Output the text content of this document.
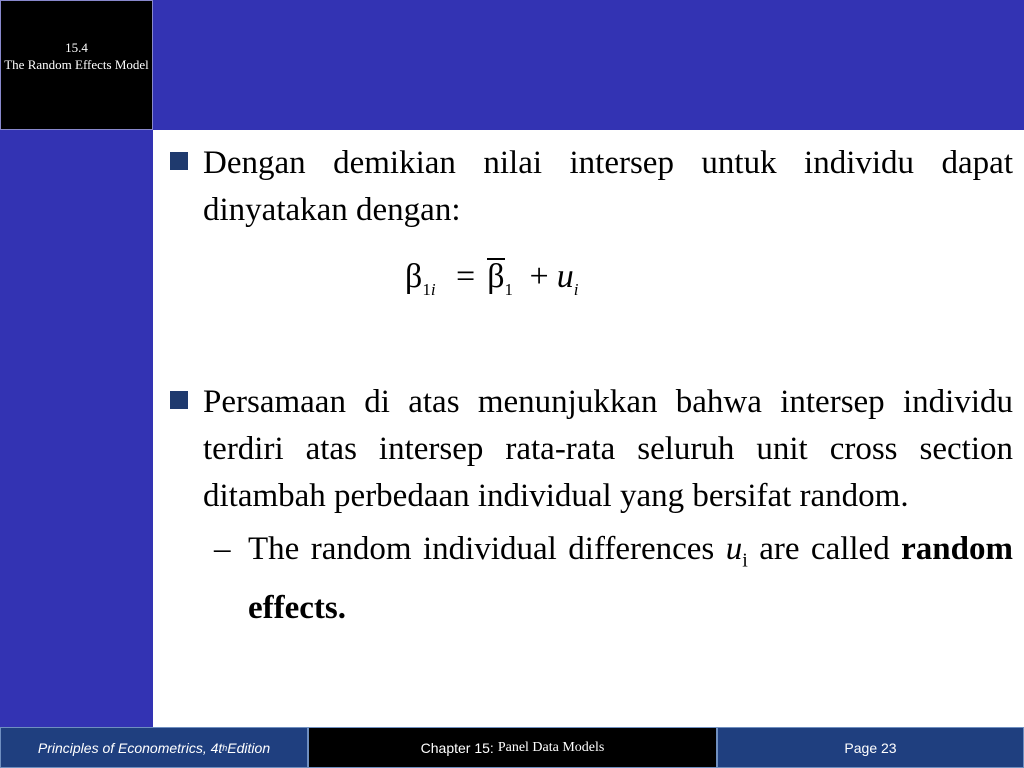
15.4
The Random Effects Model
Dengan demikian nilai intersep untuk individu dapat dinyatakan dengan:
Persamaan di atas menunjukkan bahwa intersep individu terdiri atas intersep rata-rata seluruh unit cross section ditambah perbedaan individual yang bersifat random.
– The random individual differences $u_i$ are called random effects.
$\beta_{1i} = \beta_1 + u_i$
Principles of Econometrics, 4t h Edition	Chapter 15: Panel Data Models	Page 23
